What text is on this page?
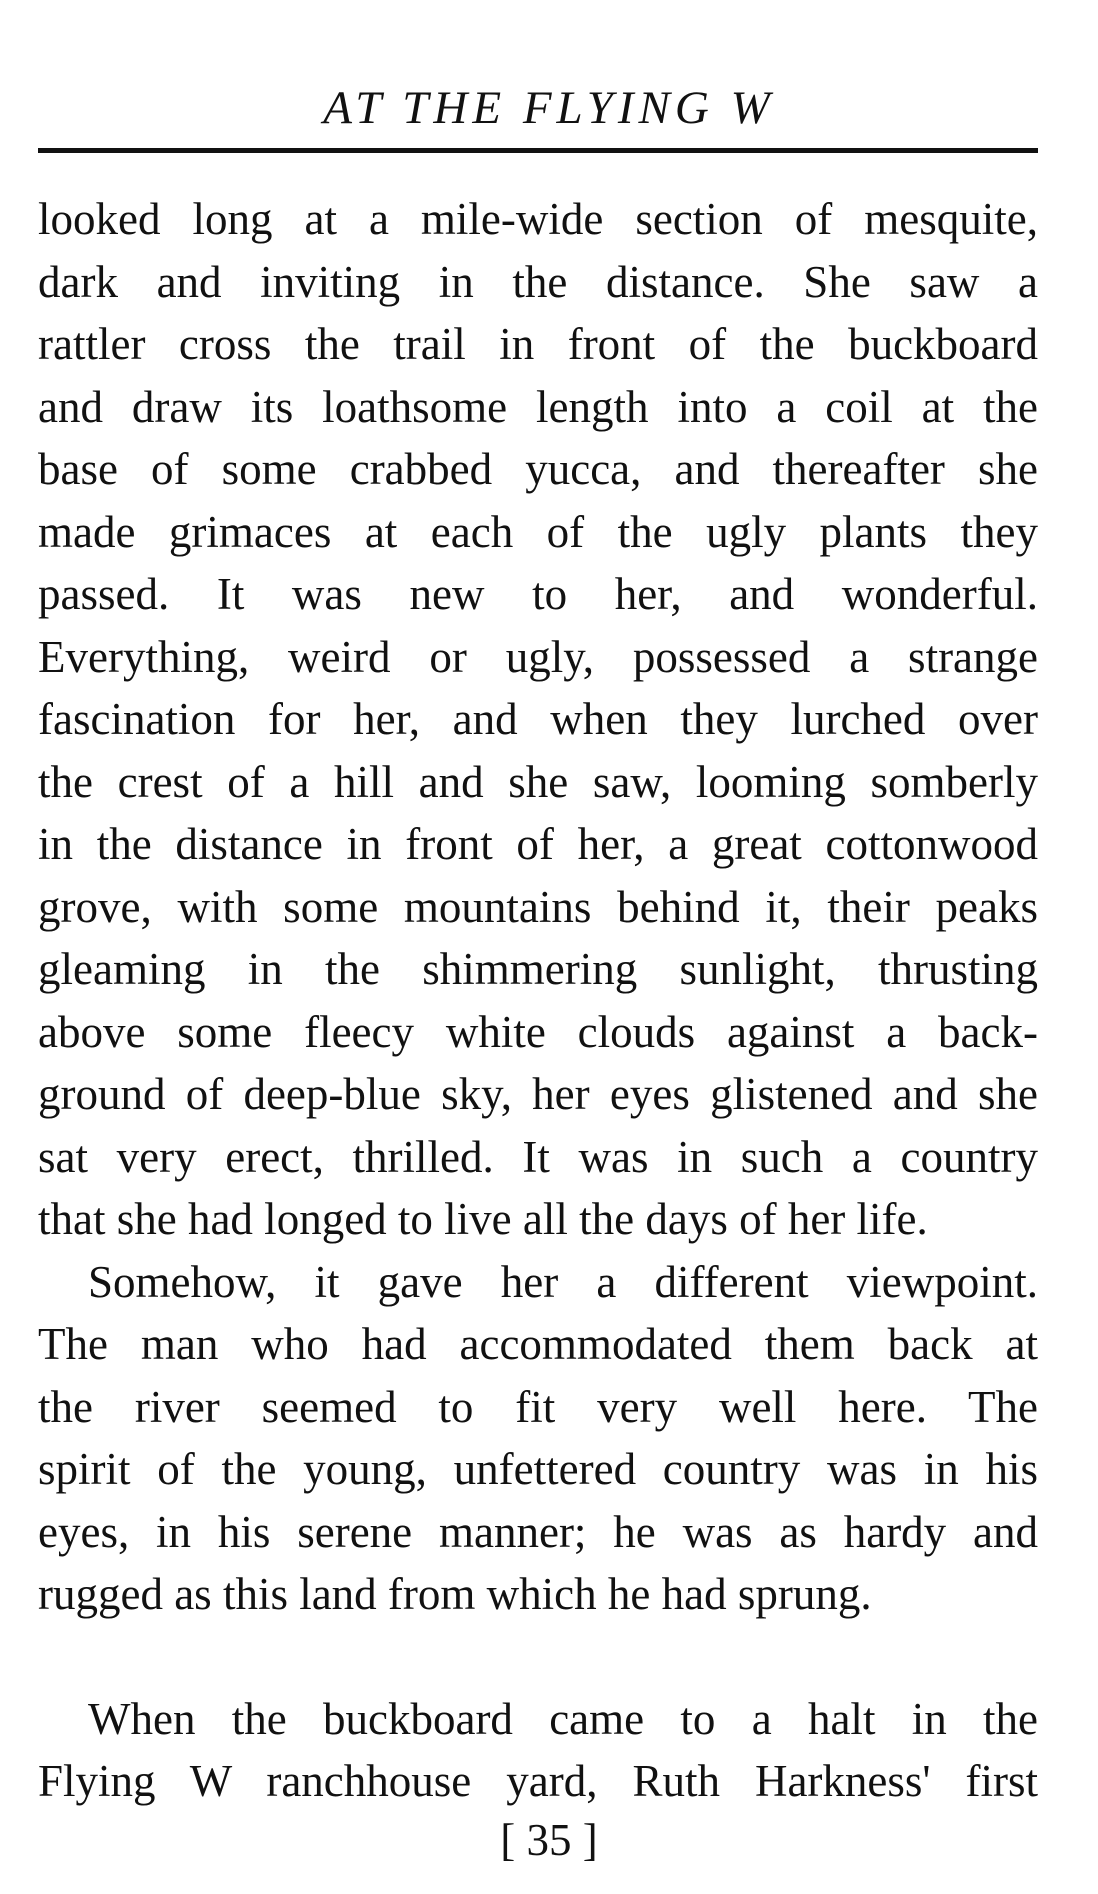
AT THE FLYING W
looked long at a mile-wide section of mesquite,
dark and inviting in the distance. She saw a
rattler cross the trail in front of the buckboard
and draw its loathsome length into a coil at the
base of some crabbed yucca, and thereafter she
made grimaces at each of the ugly plants they
passed. It was new to her, and wonderful.
Everything, weird or ugly, possessed a strange
fascination for her, and when they lurched over
the crest of a hill and she saw, looming somberly
in the distance in front of her, a great cottonwood
grove, with some mountains behind it, their peaks
gleaming in the shimmering sunlight, thrusting
above some fleecy white clouds against a back-
ground of deep-blue sky, her eyes glistened and she
sat very erect, thrilled. It was in such a country
that she had longed to live all the days of her life.
Somehow, it gave her a different viewpoint.
The man who had accommodated them back at
the river seemed to fit very well here. The
spirit of the young, unfettered country was in his
eyes, in his serene manner; he was as hardy and
rugged as this land from which he had sprung.
When the buckboard came to a halt in the
Flying W ranchhouse yard, Ruth Harkness' first
[ 35 ]
